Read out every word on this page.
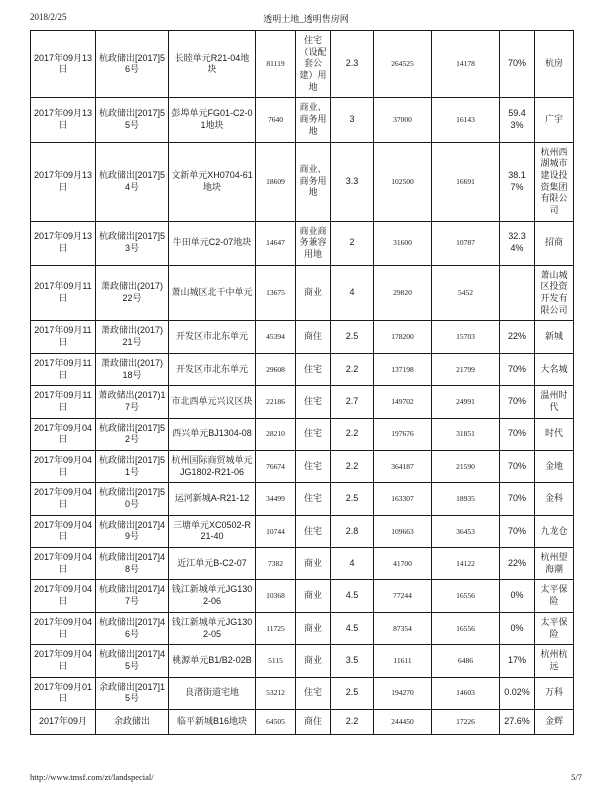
2018/2/25	透明土地_透明售房网
2017年09月13日	杭政储出[2017]56号	长睦单元R21-04地块	81119	住宅（设配套公建）用地	2.3	264525	14178	70%	杭房
2017年09月13日	杭政储出[2017]55号	彭埠单元FG01-C2-01地块	7640	商业、商务用地	3	37000	16143	59.43%	广宇
2017年09月13日	杭政储出[2017]54号	文新单元XH0704-61地块	18609	商业、商务用地	3.3	102500	16691	38.17%	杭州西湖城市建设投资集团有限公司
2017年09月13日	杭政储出[2017]53号	牛田单元C2-07地块	14647	商业商务兼容用地	2	31600	10787	32.34%	招商
2017年09月11日	萧政储出(2017) 22号	萧山城区北干中单元	13675	商业	4	29820	5452		萧山城区投资开发有限公司
2017年09月11日	萧政储出(2017) 21号	开发区市北东单元	45394	商住	2.5	178200	15703	22%	新城
2017年09月11日	萧政储出(2017) 18号	开发区市北东单元	29608	住宅	2.2	137198	21799	70%	大名城
2017年09月11日	萧政储出(2017)17号	市北西单元兴议区块	22186	住宅	2.7	149702	24991	70%	温州时代
2017年09月04日	杭政储出[2017]52号	西兴单元BJ1304-08	28210	住宅	2.2	197676	31851	70%	时代
2017年09月04日	杭政储出[2017]51号	杭州国际商贸城单元JG1802-R21-06	76674	住宅	2.2	364187	21590	70%	金地
2017年09月04日	杭政储出[2017]50号	运河新城A-R21-12	34499	住宅	2.5	163307	18935	70%	金科
2017年09月04日	杭政储出[2017]49号	三塘单元XC0502-R21-40	10744	住宅	2.8	109663	36453	70%	九龙仓
2017年09月04日	杭政储出[2017]48号	近江单元B-C2-07	7382	商业	4	41700	14122	22%	杭州望海潮
2017年09月04日	杭政储出[2017]47号	钱江新城单元JG1302-06	10368	商业	4.5	77244	16556	0%	太平保险
2017年09月04日	杭政储出[2017]46号	钱江新城单元JG1302-05	11725	商业	4.5	87354	16556	0%	太平保险
2017年09月04日	杭政储出[2017]45号	桃源单元B1/B2-02B	5115	商业	3.5	11611	6486	17%	杭州杭远
2017年09月01日	余政储出[2017]15号	良渚街道宅地	53212	住宅	2.5	194270	14603	0.02%	万科
2017年09月	余政储出	临平新城B16地块	64505	商住	2.2	244450	17226	27.6%	金辉
http://www.tmsf.com/zt/landspecial/	5/7
